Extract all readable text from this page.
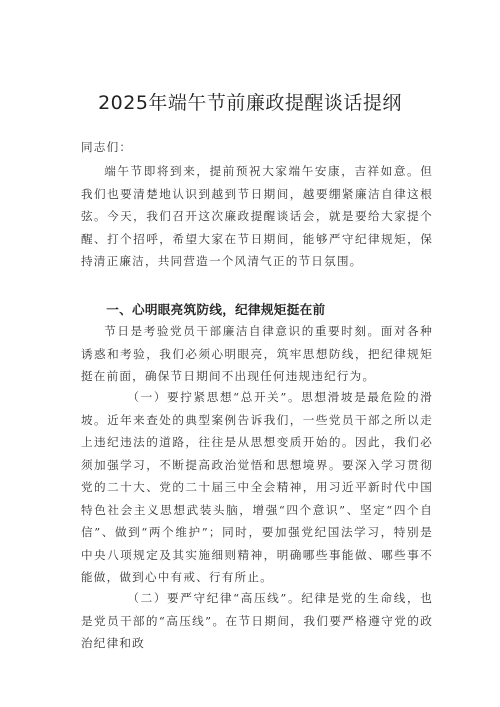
2025年端午节前廉政提醒谈话提纲
同志们：
端午节即将到来，提前预祝大家端午安康，吉祥如意。但我们也要清楚地认识到越到节日期间，越要绷紧廉洁自律这根弦。今天，我们召开这次廉政提醒谈话会，就是要给大家提个醒、打个招呼，希望大家在节日期间，能够严守纪律规矩，保持清正廉洁，共同营造一个风清气正的节日氛围。
一、心明眼亮筑防线，纪律规矩挺在前
节日是考验党员干部廉洁自律意识的重要时刻。面对各种诱惑和考验，我们必须心明眼亮，筑牢思想防线，把纪律规矩挺在前面，确保节日期间不出现任何违规违纪行为。
（一）要拧紧思想“总开关”。思想滑坡是最危险的滑坡。近年来查处的典型案例告诉我们，一些党员干部之所以走上违纪违法的道路，往往是从思想变质开始的。因此，我们必须加强学习，不断提高政治觉悟和思想境界。要深入学习贯彻党的二十大、党的二十届三中全会精神，用习近平新时代中国特色社会主义思想武装头脑，增强“四个意识”、坚定“四个自信”、做到“两个维护”；同时，要加强党纪国法学习，特别是中央八项规定及其实施细则精神，明确哪些事能做、哪些事不能做，做到心中有戒、行有所止。
（二）要严守纪律“高压线”。纪律是党的生命线，也是党员干部的“高压线”。在节日期间，我们要严格遵守党的政治纪律和政
